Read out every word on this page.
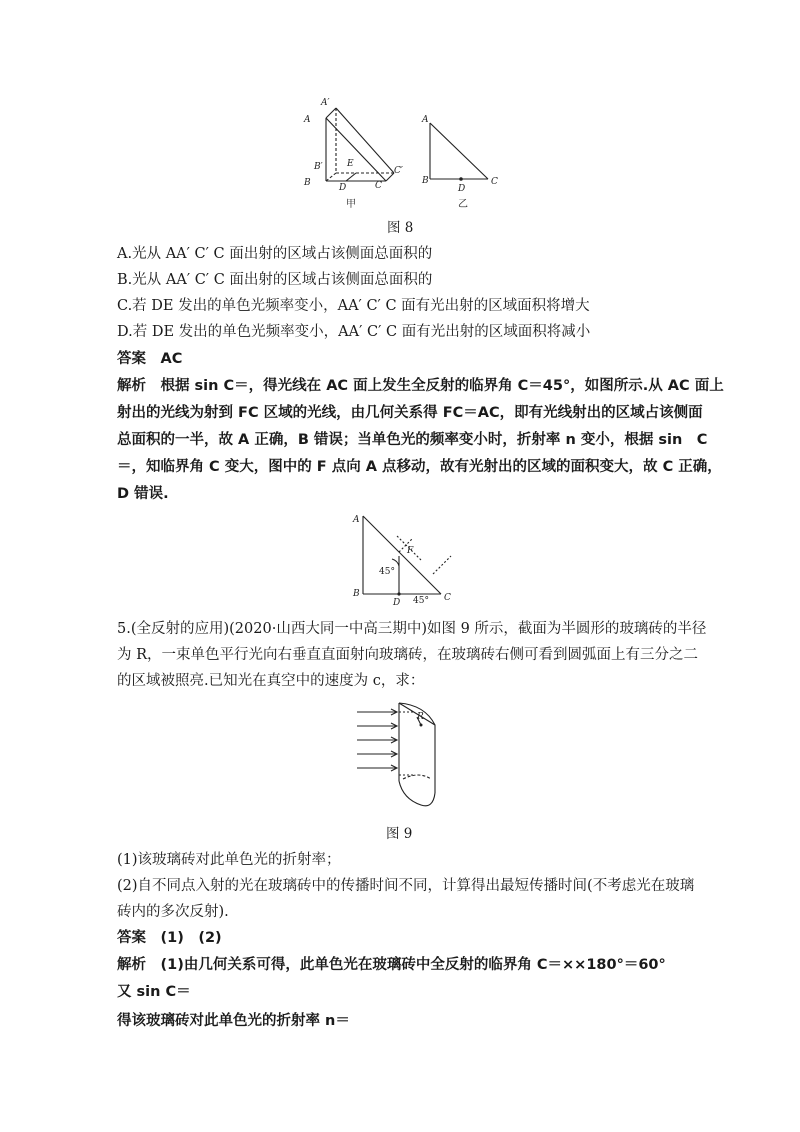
A′
A
B′	E
C′
B	D	C
A
B
D
C
甲	乙
图 8
A.光从 AA′ C′ C 面出射的区域占该侧面总面积的
B.光从 AA′ C′ C 面出射的区域占该侧面总面积的
C.若 DE 发出的单色光频率变小，AA′ C′ C 面有光出射的区域面积将增大
D.若 DE 发出的单色光频率变小，AA′ C′ C 面有光出射的区域面积将减小
答案　AC
解析　根据 sin C＝，得光线在 AC 面上发生全反射的临界角 C＝45°，如图所示.从 AC 面上
射出的光线为射到 FC 区域的光线，由几何关系得 FC＝AC，即有光线射出的区域占该侧面
总面积的一半，故 A 正确，B 错误；当单色光的频率变小时，折射率 n 变小，根据 sin　C
＝，知临界角 C 变大，图中的 F 点向 A 点移动，故有光射出的区域的面积变大，故 C 正确，
D 错误.
A
F
45°
B
D 45° C
5.(全反射的应用)(2020·山西大同一中高三期中)如图 9 所示，截面为半圆形的玻璃砖的半径
为 R，一束单色平行光向右垂直直面射向玻璃砖，在玻璃砖右侧可看到圆弧面上有三分之二
的区域被照亮.已知光在真空中的速度为 c，求：
R
图 9
(1)该玻璃砖对此单色光的折射率；
(2)自不同点入射的光在玻璃砖中的传播时间不同，计算得出最短传播时间(不考虑光在玻璃
砖内的多次反射).
答案　(1)　(2)
解析　(1)由几何关系可得，此单色光在玻璃砖中全反射的临界角 C＝××180°＝60°
又 sin C＝
得该玻璃砖对此单色光的折射率 n＝
